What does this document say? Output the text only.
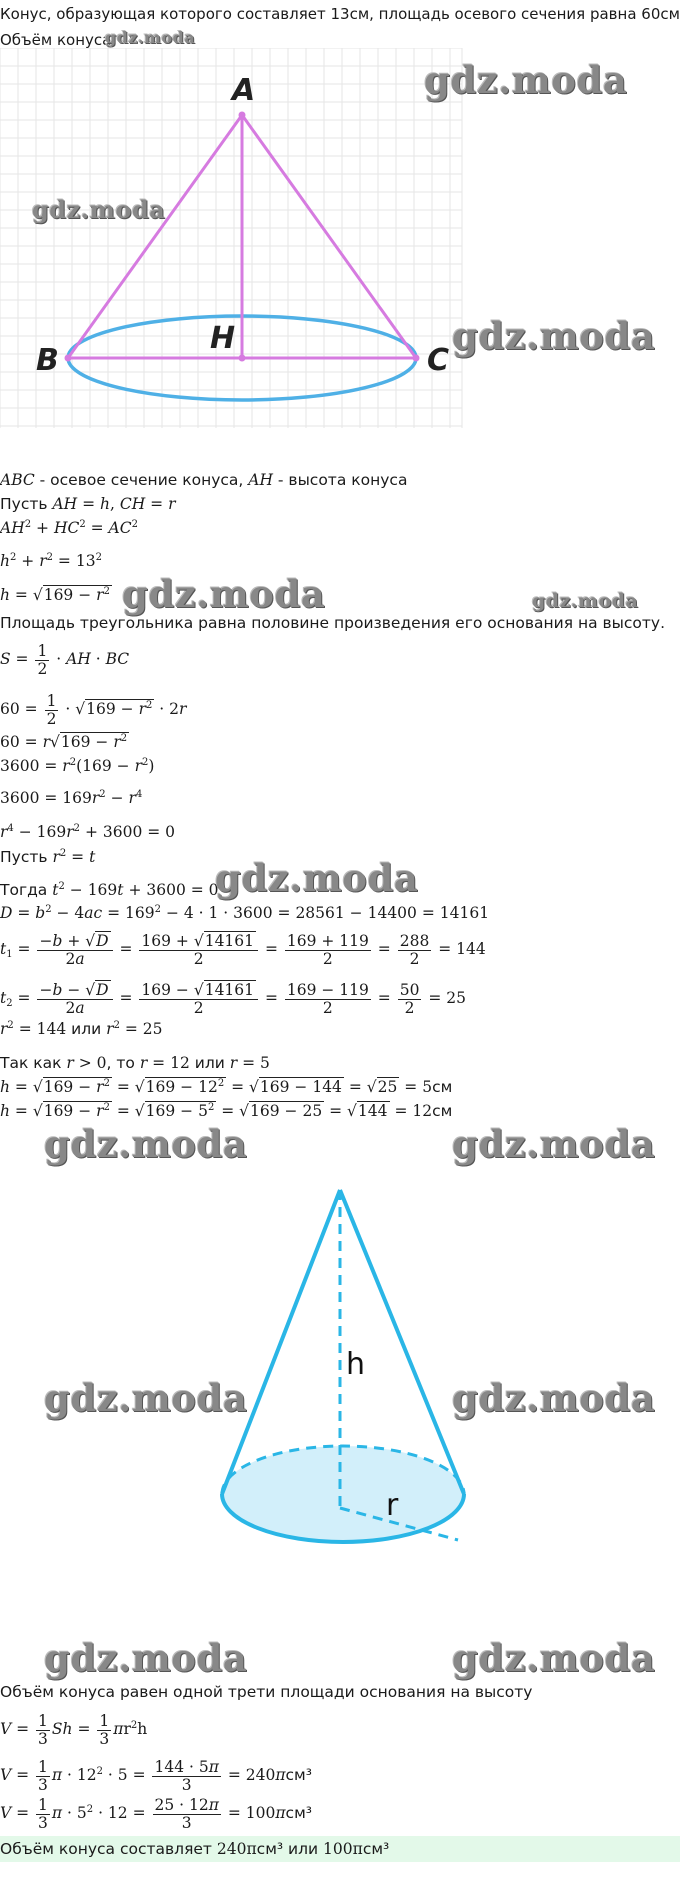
Конус, образующая которого составляет 13см, площадь осевого сечения равна 60см
Объём конуса
gdz.moda
A
B	C
H
gdz.moda
gdz.moda
gdz.moda
ABC - осевое сечение конуса, AH - высота конуса
Пусть AH = h, CH = r
$AH^2 + HC^2 = AC^2$
$h^2 + r^2 = 13^2$
$h = √169 - r^2$ gdz.moda	gdz.moda
Площадь треугольника равна половине произведения его основания на высоту.
$S = \frac{1}{2}$ · AH · BC
$60 = \frac{1}{2} \cdot √169 - r^2 \cdot 2r$
$60 = r√169 - r^2$
$3600 = r^2(169 - r^2)$
$3600 = 169r^2 - r^4$
$r^4 - 169r^2 + 3600 = 0$
Пусть $r^2 = t$
Тогда $t^2 - 169t + 3600 = 0$
gdz.moda
$D = b^2 - 4ac = 169^2 - 4 \cdot 1 \cdot 3600 = 28561 - 14400 = 14161$
$t_1 = \frac{-b + √D}{2a} = \frac{169 + √14161}{2} = \frac{169 + 119}{2} = \frac{288}{2} = 144$
$t_2 = \frac{-b - √D}{2a} = \frac{169 - √14161}{2} = \frac{169 - 119}{2} = \frac{50}{2} = 25$
$r^2 = 144$ или $r^2 = 25$
Так как r > 0, то r = 12 или r = 5
$h = √169 - r^2 = √169 - 12^2 = √169 - 144 = √25 = 5см$
$h = √169 - r^2 = √169 - 5^2 = √169 - 25 = √144 = 12см$
gdz.moda	gdz.moda
h
r
gdz.moda	gdz.moda
gdz.moda	gdz.moda
Объём конуса равен одной трети площади основания на высоту
$V = \frac{1}{3}$ $Sh = \frac{1}{3} \pi r^2h$
$V = \frac{1}{3}$ $\pi \cdot 12^2 \cdot 5 = \frac{144 \cdot 5\pi}{3} = 240\pi см^3$
$V = \frac{1}{3}$ $\pi \cdot 5^2 \cdot 12 = \frac{25 \cdot 12\pi}{3} = 100\pi см^3$
Объём конуса составляет 240πсм³ или 100πсм³
